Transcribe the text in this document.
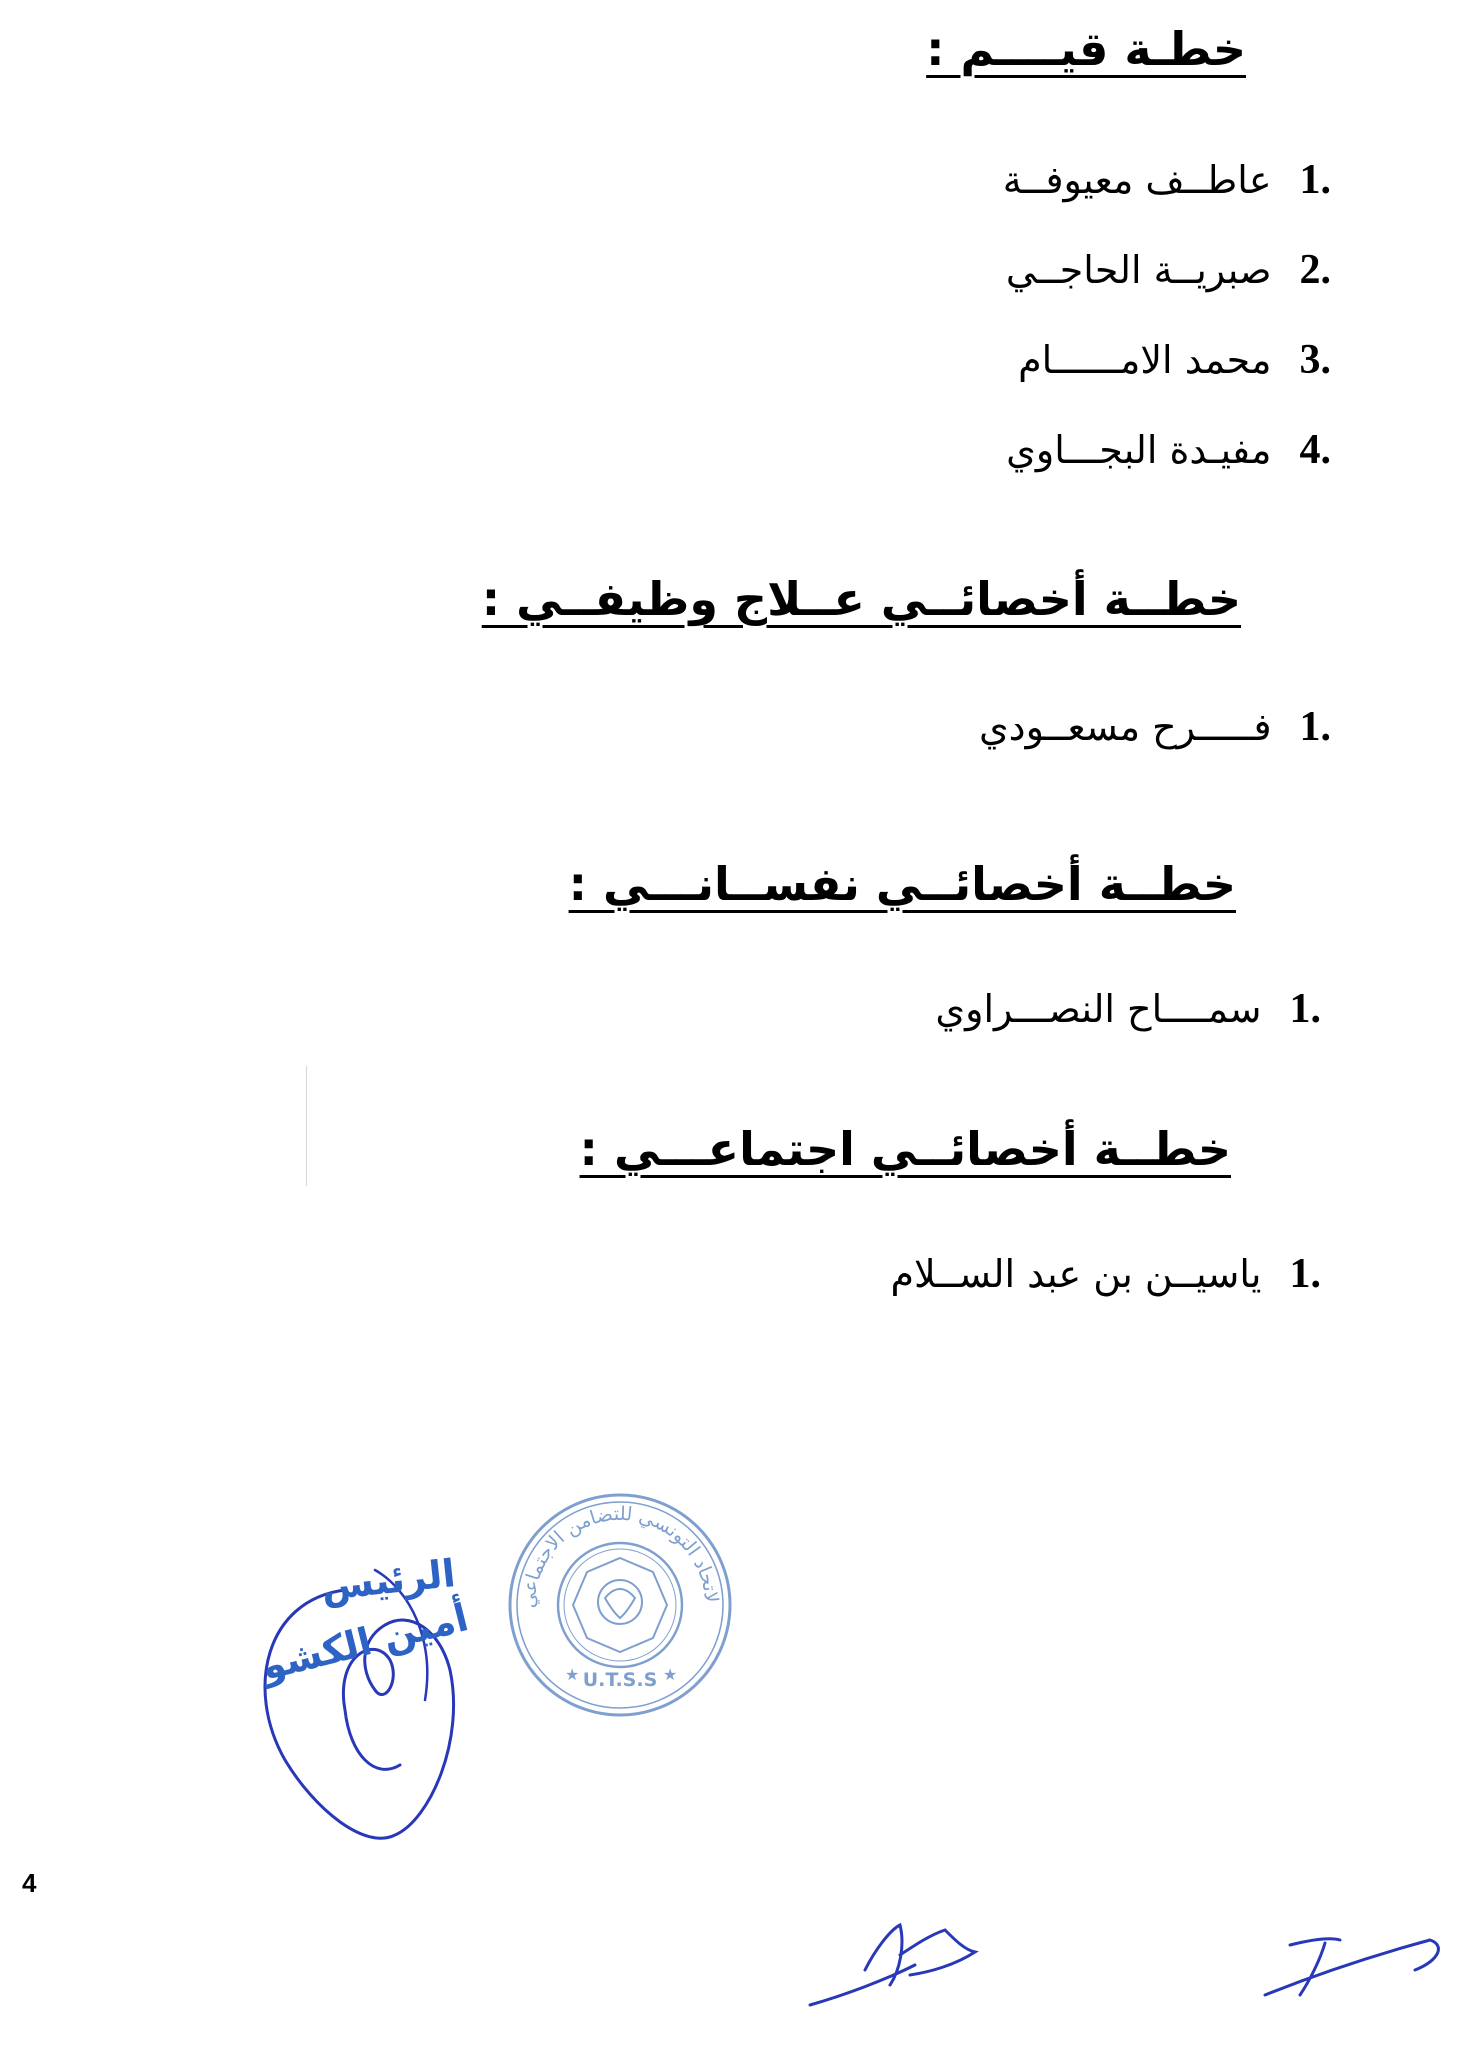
خطـة قيــــم :
.1عاطــف معيوفــة
.2صبريــة الحاجــي
.3محمد الامــــــام
.4مفيـدة البجـــاوي
خطــة أخصائــي عــلاج وظيفــي :
.1فـــــرح مسعــودي
خطــة أخصائــي نفســانـــي :
.1سمــــاح النصـــراوي
خطــة أخصائــي اجتماعـــي :
.1ياسيــن بن عبد الســلام
لاتحاد التونسي للتضامن الاجتماعي
U.T.S.S
★	★
الرئيس
أمين الكشو
4
